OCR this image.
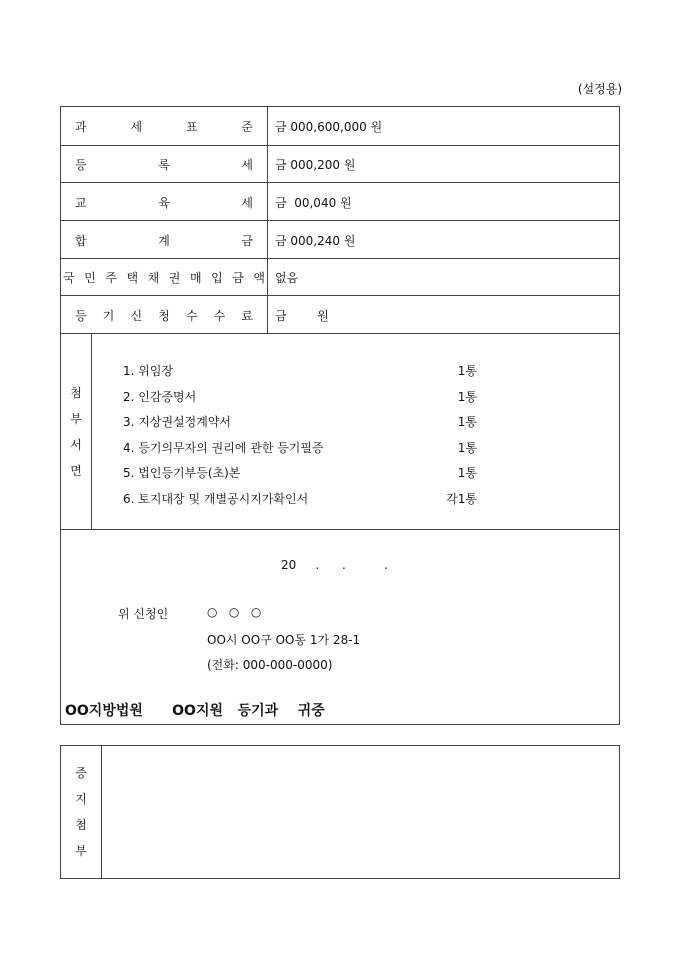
(설정용)
과	세	표	준 금 000,600,000 원
등	록	세 금 000,200 원
교	육	세 금  00,040 원
합	계	금 금 000,240 원
국 민 주 택 채 권 매 입 금 액 없음
등 기 신 청 수 수 료 금        원
첨
부
서
면
1. 위임장	1통
2. 인감증명서	1통
3. 지상권설정계약서	1통
4. 등기의무자의 권리에 관한 등기필증	1통
5. 법인등기부등(초)본	1통
6. 토지대장 및 개별공시지가확인서	각1통
20     .      .          .
위 신청인	○   ○   ○
OO시 OO구 OO동 1가 28-1
(전화: 000-000-0000)
OO지방법원      OO지원   등기과    귀중
증
지
첨
부
